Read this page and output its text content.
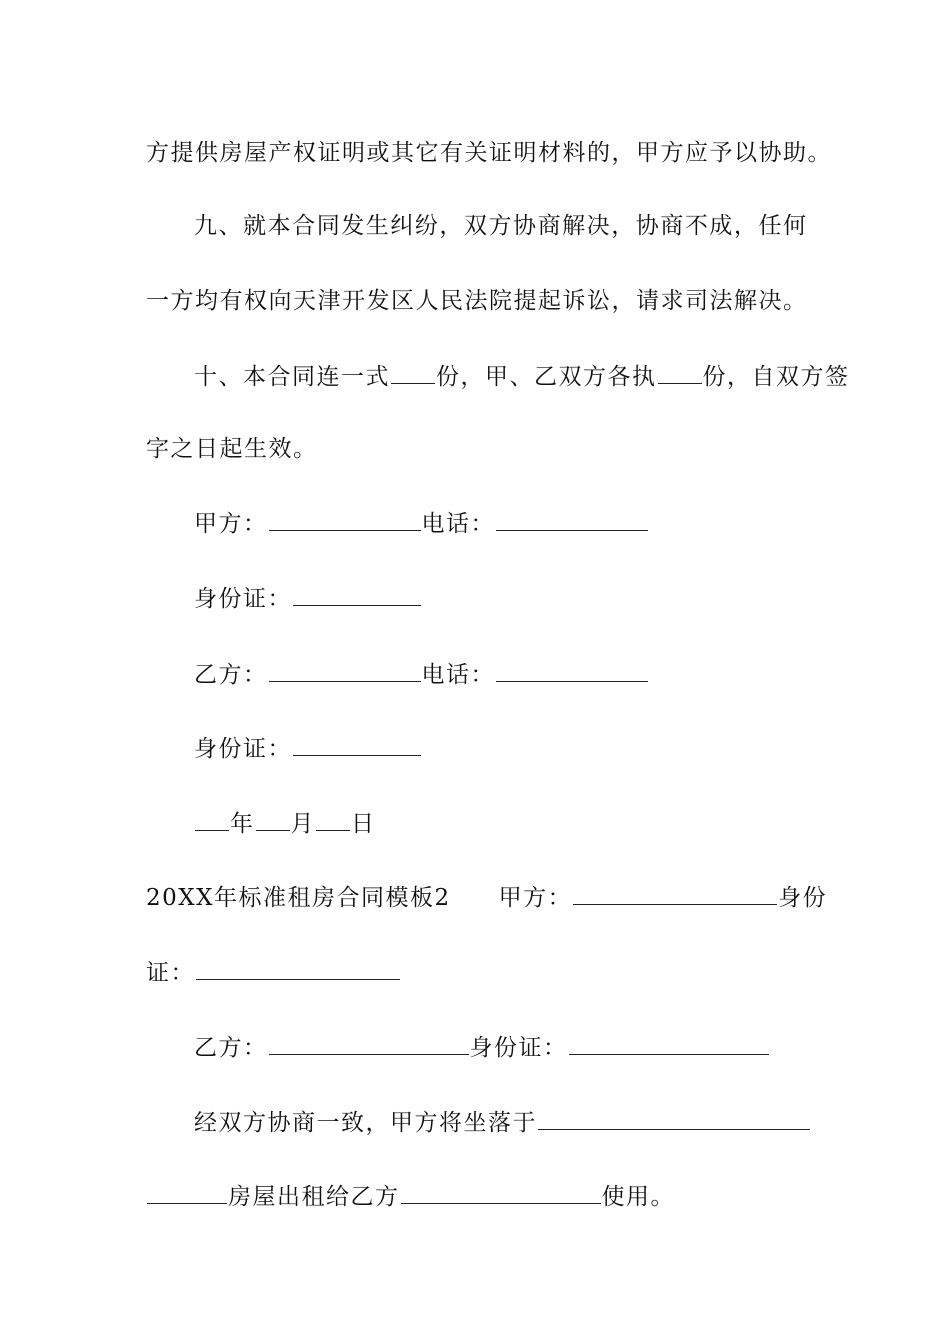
方提供房屋产权证明或其它有关证明材料的，甲方应予以协助。
九、就本合同发生纠纷，双方协商解决，协商不成，任何
一方均有权向天津开发区人民法院提起诉讼，请求司法解决。
十、本合同连一式 份，甲、乙双方各执 份，自双方签
字之日起生效。
甲方：	电话：
身份证：
乙方：	电话：
身份证：
年 月 日
20XX年标准租房合同模板2 甲方：	身份
证：
乙方：	身份证：
经双方协商一致，甲方将坐落于
房屋出租给乙方	使用。
